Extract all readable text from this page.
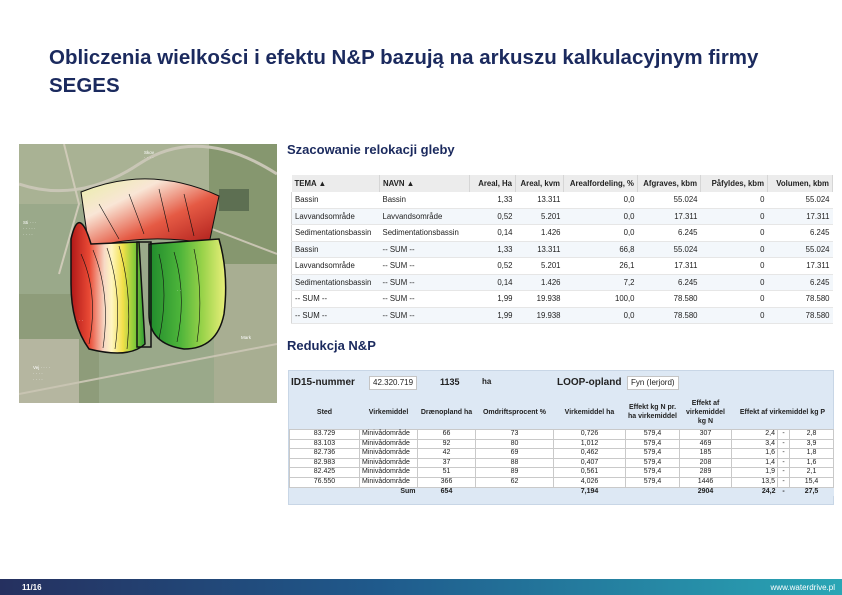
Obliczenia wielkości i efektu N&P bazują na arkuszu kalkulacyjnym firmy SEGES
Skov
· · · ·
Sti · · ·
· · · · ·
· · · ·
Vej · · · ·
· · · ·
· · · ·
Mark
· ·
· ·
Szacowanie relokacji gleby
TEMA ▲	NAVN ▲	Areal, Ha	Areal, kvm	Arealfordeling, %	Afgraves, kbm	Påfyldes, kbm	Volumen, kbm
Bassin	Bassin	1,33	13.311	0,0	55.024	0	55.024
Lavvandsområde	Lavvandsområde	0,52	5.201	0,0	17.311	0	17.311
Sedimentationsbassin	Sedimentationsbassin	0,14	1.426	0,0	6.245	0	6.245
Bassin	-- SUM --	1,33	13.311	66,8	55.024	0	55.024
Lavvandsområde	-- SUM --	0,52	5.201	26,1	17.311	0	17.311
Sedimentationsbassin	-- SUM --	0,14	1.426	7,2	6.245	0	6.245
-- SUM --	-- SUM --	1,99	19.938	100,0	78.580	0	78.580
-- SUM --	-- SUM --	1,99	19.938	0,0	78.580	0	78.580
Redukcja N&P
ID15-nummer	42.320.719	1135	ha	LOOP-opland	Fyn (Ierjord)
Sted	Virkemiddel	Drænopland ha	Omdriftsprocent %	Virkemiddel ha	Effekt kg N pr. ha virkemiddel	Effekt af virkemiddel kg N	Effekt af virkemiddel kg P		
83.729	Minivådområde	66	73	0,726	579,4	307	2,4	-	2,8
83.103	Minivådområde	92	80	1,012	579,4	469	3,4	-	3,9
82.736	Minivådområde	42	69	0,462	579,4	185	1,6	-	1,8
82.983	Minivådområde	37	88	0,407	579,4	208	1,4	-	1,6
82.425	Minivådområde	51	89	0,561	579,4	289	1,9	-	2,1
76.550	Minivådområde	366	62	4,026	579,4	1446	13,5	-	15,4
	Sum	654		7,194		2904	24,2	-	27,5
11/16	www.waterdrive.pl
